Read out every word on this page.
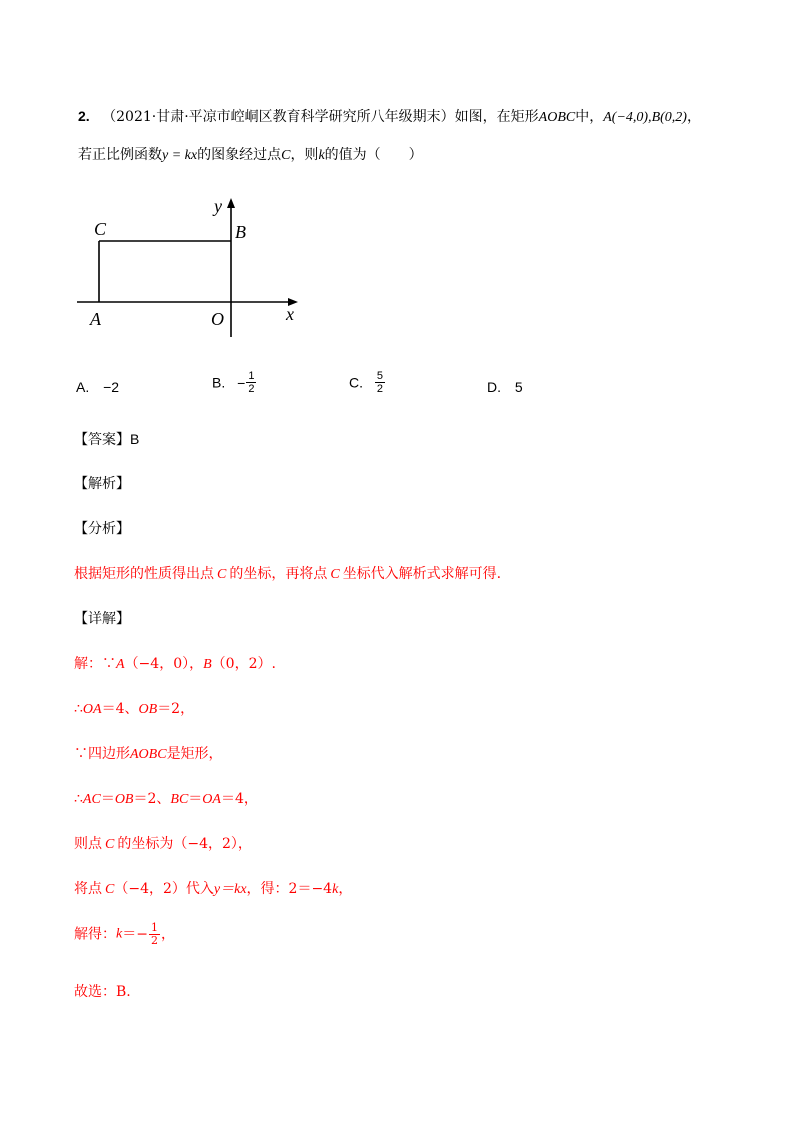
2. （2021·甘肃·平凉市崆峒区教育科学研究所八年级期末）如图，在矩形AOBC中，A(−4,0),B(0,2)，
若正比例函数y = kx的图象经过点C，则k的值为（　　）
y
x
C	B
A	O
A. −2	B. − $\frac{1}{2}$	C. $\frac{5}{2}$	D. 5
【答案】B
【解析】
【分析】
根据矩形的性质得出点 C 的坐标，再将点 C 坐标代入解析式求解可得.
【详解】
解：∵A（−4，0），B（0，2）.
∴OA＝4、OB＝2，
∵四边形AOBC是矩形，
∴AC＝OB＝2、BC＝OA＝4，
则点 C 的坐标为（−4，2），
将点 C（−4，2）代入y＝kx，得：2＝−4k，
解得：$k=- \frac{1}{2}$ ，
故选：B.
